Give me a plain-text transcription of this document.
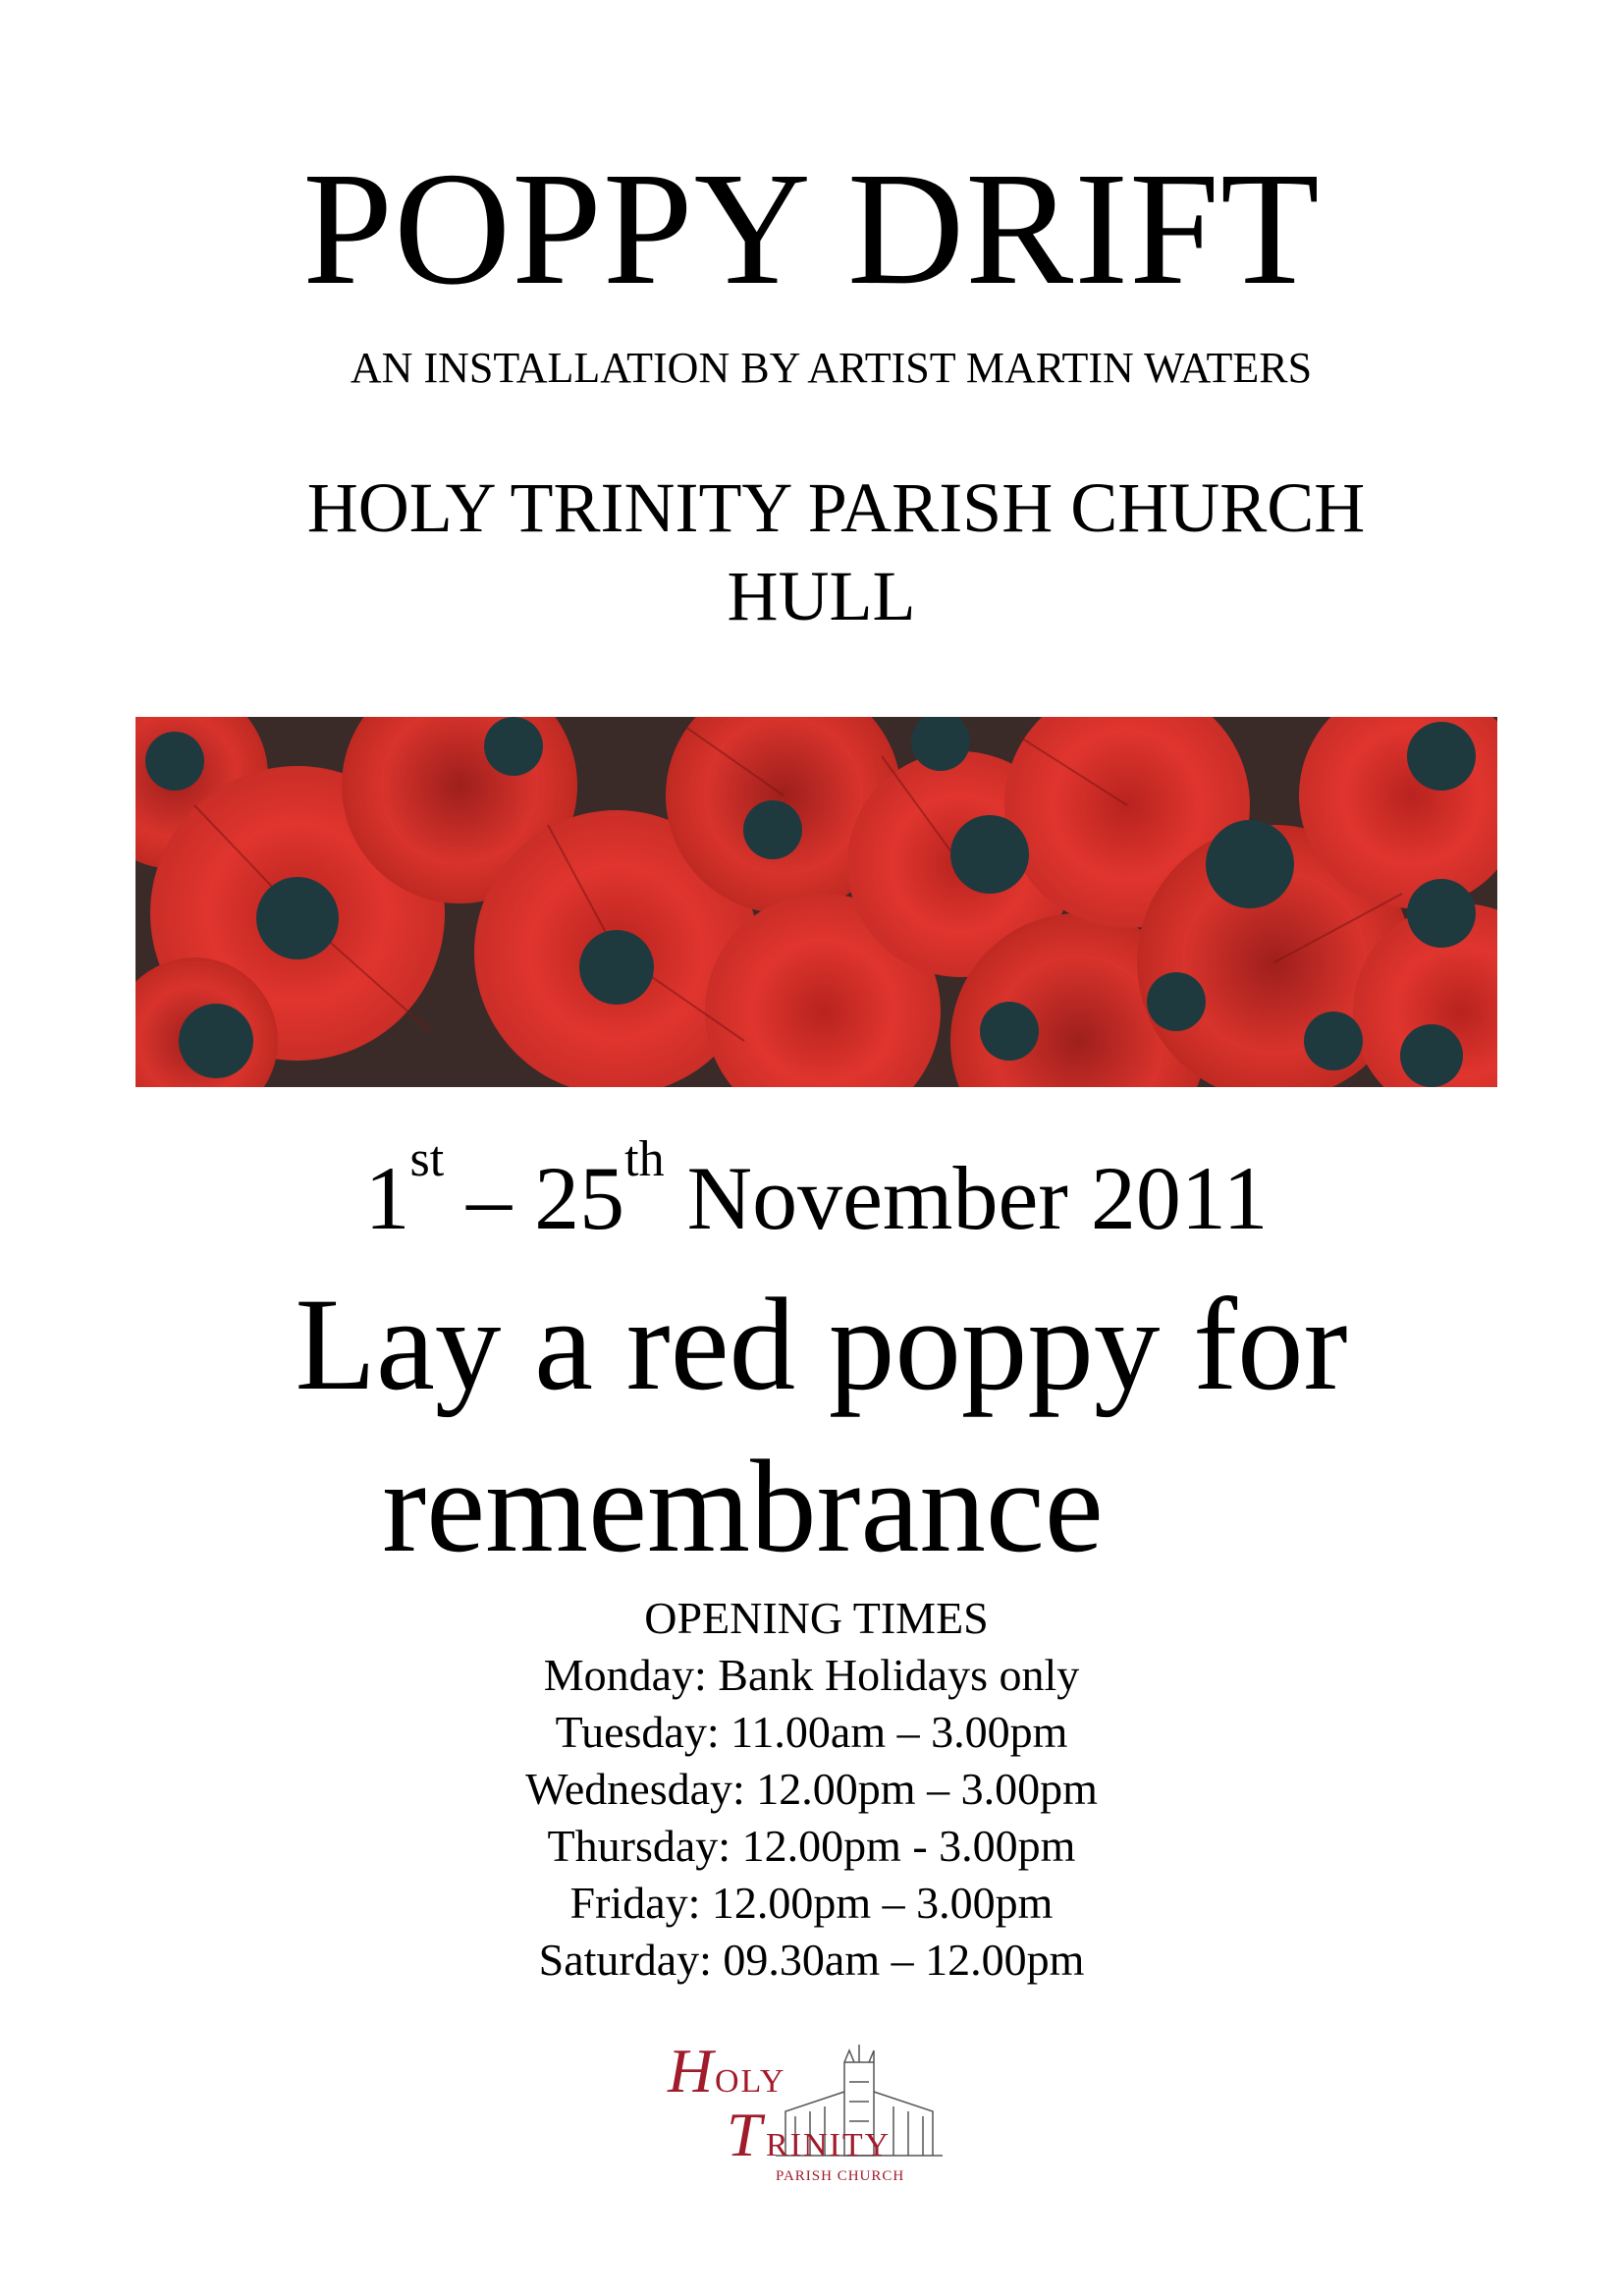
POPPY DRIFT
AN INSTALLATION BY ARTIST MARTIN WATERS
HOLY TRINITY PARISH CHURCH
HULL
1st – 25th November 2011
Lay a red poppy for
remembrance
OPENING TIMES
Monday: Bank Holidays only
Tuesday: 11.00am – 3.00pm
Wednesday: 12.00pm – 3.00pm
Thursday: 12.00pm - 3.00pm
Friday: 12.00pm – 3.00pm
Saturday: 09.30am – 12.00pm
H OLY
T RINITY
PARISH CHURCH
